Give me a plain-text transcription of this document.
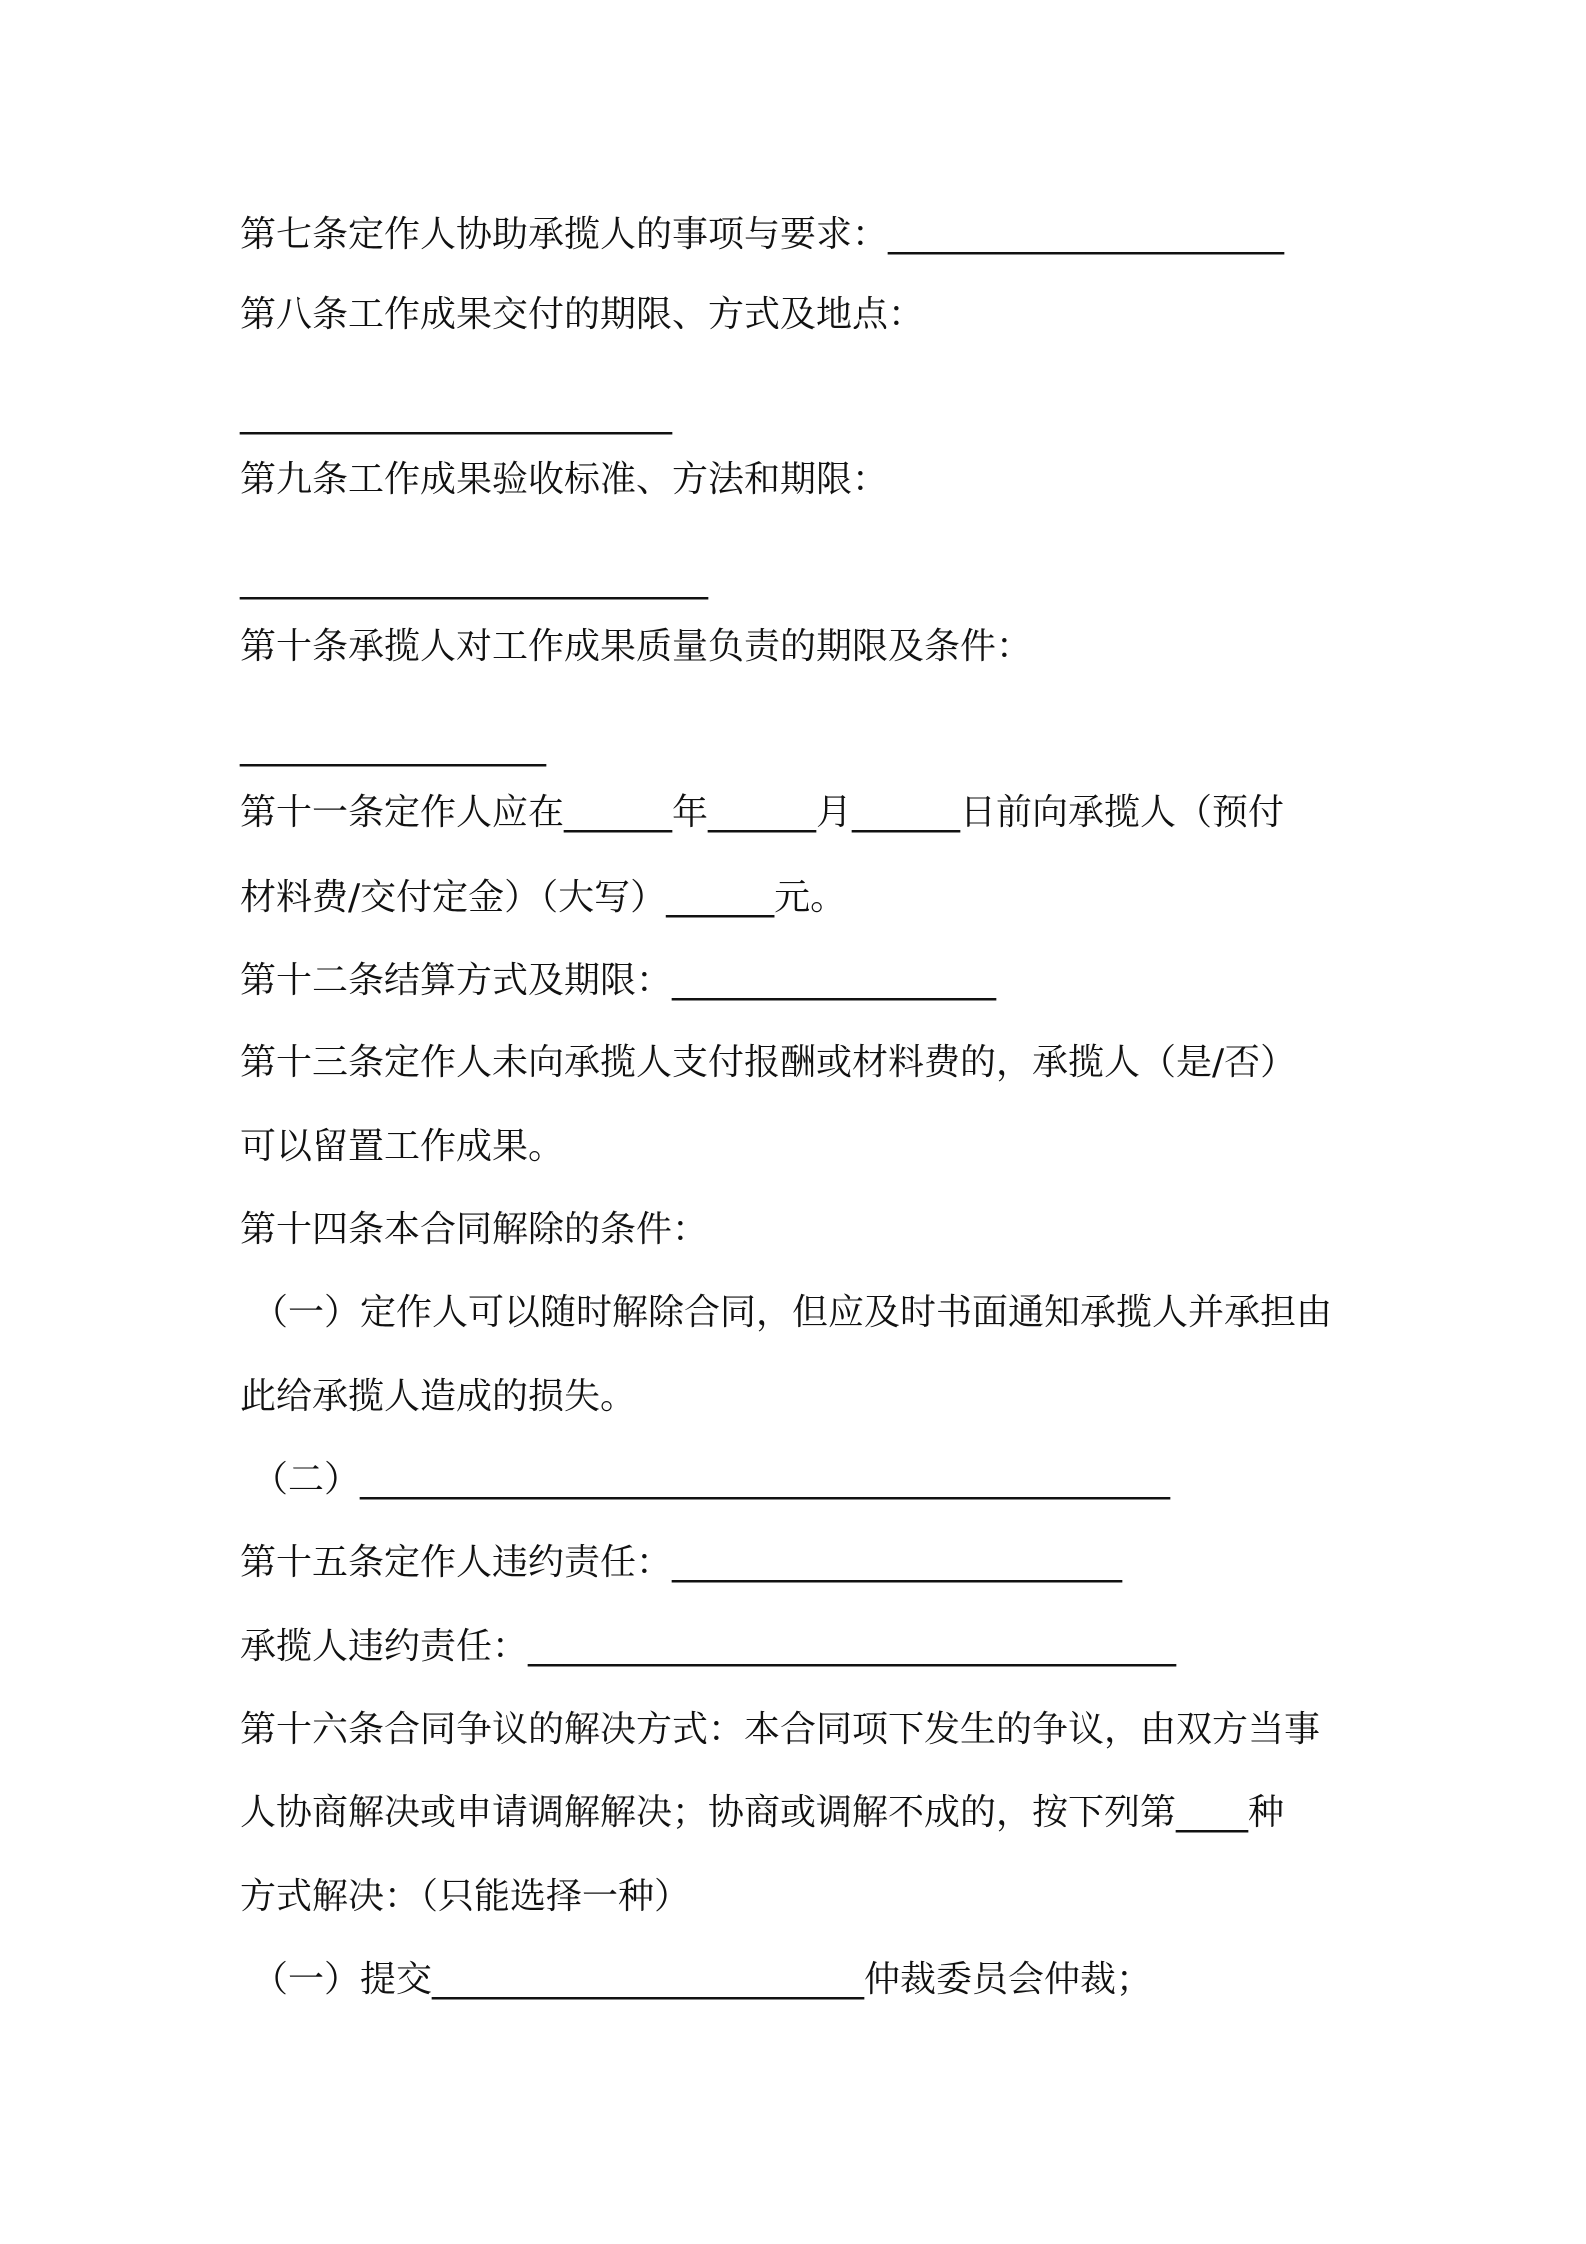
第七条定作人协助承揽人的事项与要求：______________________
第八条工作成果交付的期限、方式及地点：
________________________
第九条工作成果验收标准、方法和期限：
__________________________
第十条承揽人对工作成果质量负责的期限及条件：
_________________
第十一条定作人应在______年______月______日前向承揽人（预付
材料费/交付定金）（大写）______元。
第十二条结算方式及期限：__________________
第十三条定作人未向承揽人支付报酬或材料费的，承揽人（是/否）
可以留置工作成果。
第十四条本合同解除的条件：
（一）定作人可以随时解除合同，但应及时书面通知承揽人并承担由
此给承揽人造成的损失。
（二）_____________________________________________
第十五条定作人违约责任：_________________________
承揽人违约责任：____________________________________
第十六条合同争议的解决方式：本合同项下发生的争议，由双方当事
人协商解决或申请调解解决；协商或调解不成的，按下列第____种
方式解决：（只能选择一种）
（一）提交________________________仲裁委员会仲裁；
